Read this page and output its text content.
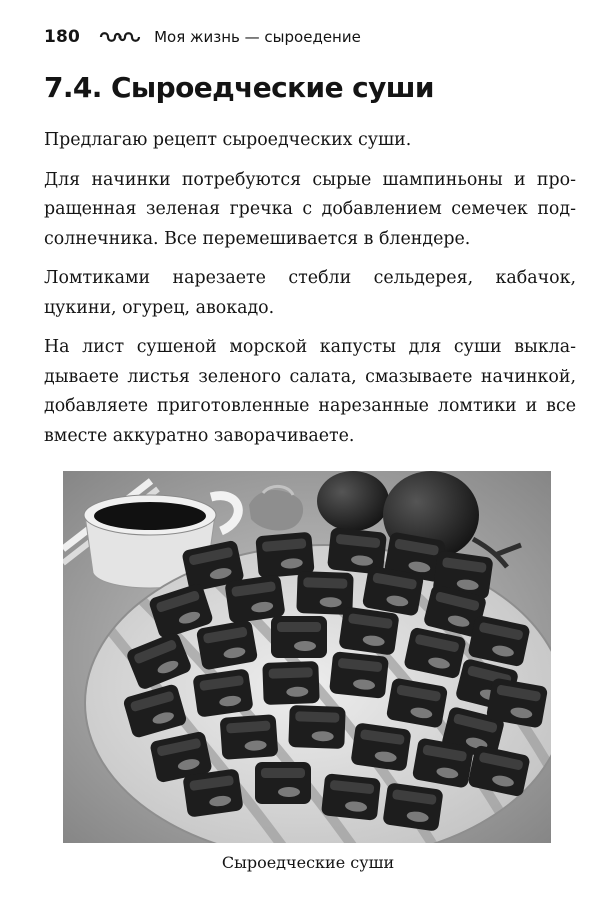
180	Моя жизнь — сыроедение
7.4. Сыроедческие суши

Предлагаю рецепт сыроедческих суши.

Для начинки потребуются сырые шампиньоны и проращенная зеленая гречка с добавлением семечек подсолнечника. Все перемешивается в блендере.

Ломтиками нарезаете стебли сельдерея, кабачок, цукини, огурец, авокадо.

На лист сушеной морской капусты для суши выкладываете листья зеленого салата, смазываете начинкой, добавляете приготовленные нарезанные ломтики и все вместе аккуратно заворачиваете.

Сыроедческие суши
